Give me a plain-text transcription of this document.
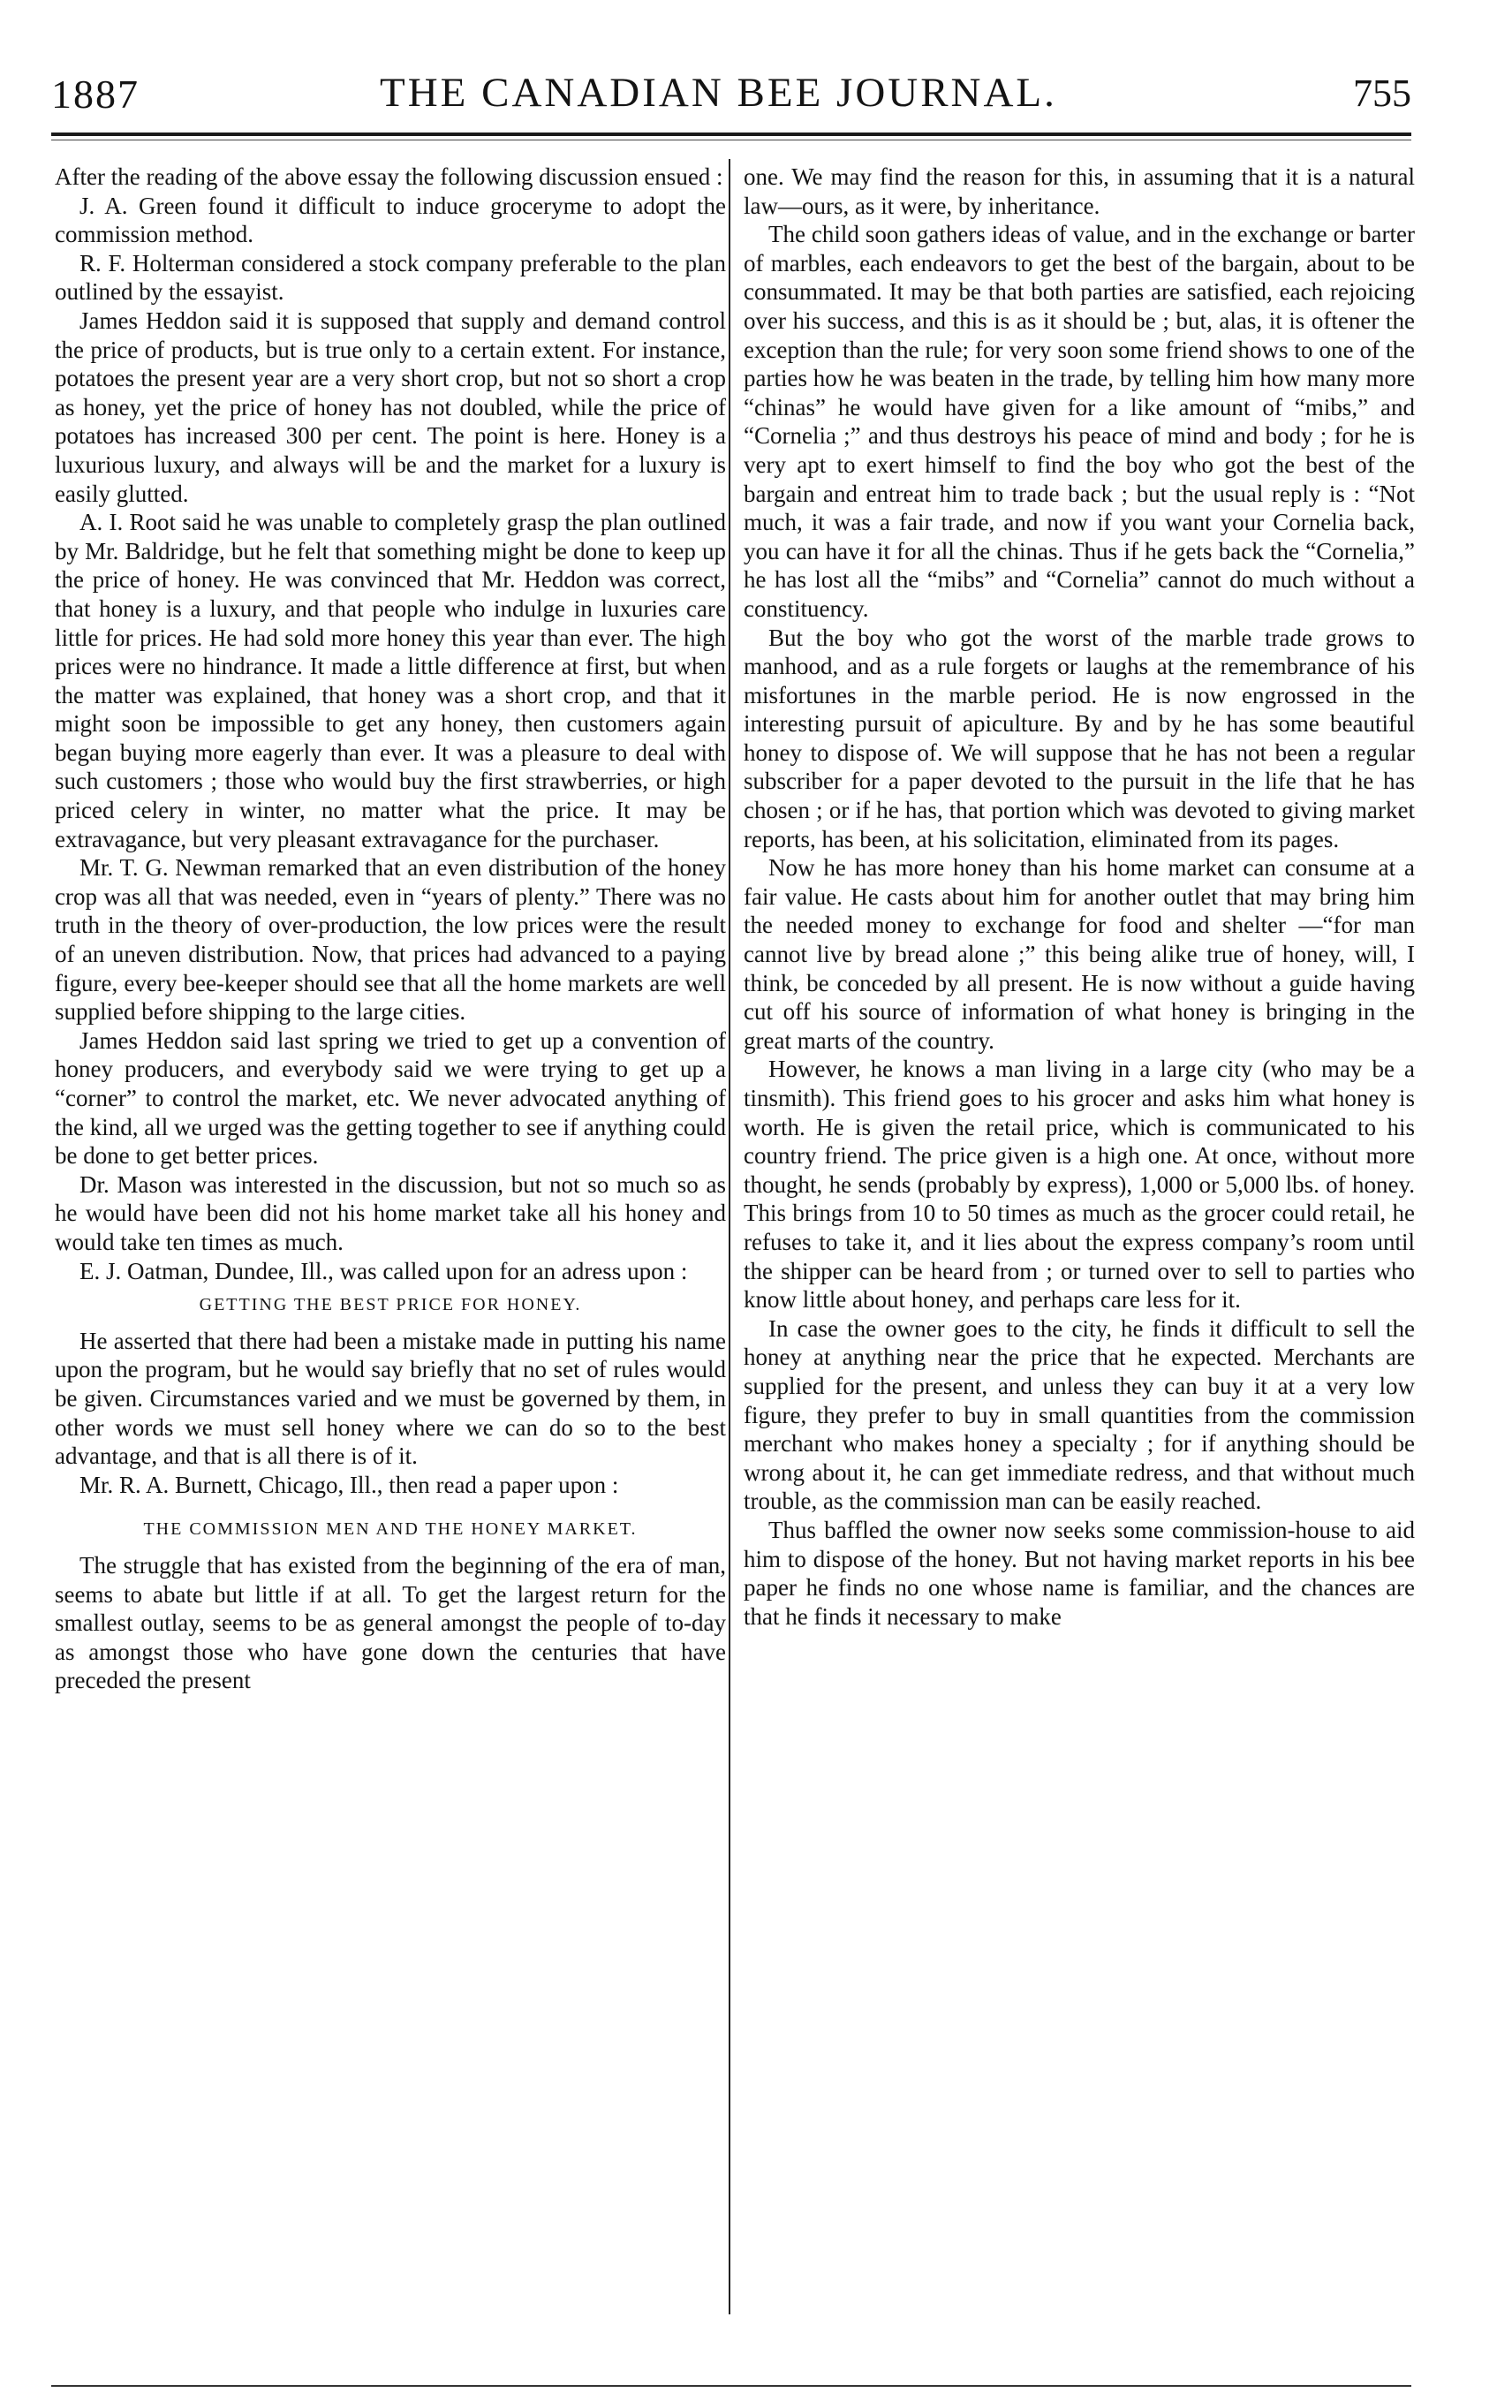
1887	THE CANADIAN BEE JOURNAL.	755

After the reading of the above essay the following discussion ensued :

J. A. Green found it difficult to induce groceryme to adopt the commission method.

R. F. Holterman considered a stock company preferable to the plan outlined by the essayist.

James Heddon said it is supposed that supply and demand control the price of products, but is true only to a certain extent. For instance, potatoes the present year are a very short crop, but not so short a crop as honey, yet the price of honey has not doubled, while the price of potatoes has increased 300 per cent. The point is here. Honey is a luxurious luxury, and always will be and the market for a luxury is easily glutted.

A. I. Root said he was unable to completely grasp the plan outlined by Mr. Baldridge, but he felt that something might be done to keep up the price of honey. He was convinced that Mr. Heddon was correct, that honey is a luxury, and that people who indulge in luxuries care little for prices. He had sold more honey this year than ever. The high prices were no hindrance. It made a little difference at first, but when the matter was explained, that honey was a short crop, and that it might soon be impossible to get any honey, then customers again began buying more eagerly than ever. It was a pleasure to deal with such customers ; those who would buy the first strawberries, or high priced celery in winter, no matter what the price. It may be extravagance, but very pleasant extravagance for the purchaser.

Mr. T. G. Newman remarked that an even distribution of the honey crop was all that was needed, even in “years of plenty.” There was no truth in the theory of over-production, the low prices were the result of an uneven distribution. Now, that prices had advanced to a paying figure, every bee-keeper should see that all the home markets are well supplied before shipping to the large cities.

James Heddon said last spring we tried to get up a convention of honey producers, and everybody said we were trying to get up a “corner” to control the market, etc. We never advocated anything of the kind, all we urged was the getting together to see if anything could be done to get better prices.

Dr. Mason was interested in the discussion, but not so much so as he would have been did not his home market take all his honey and would take ten times as much.

E. J. Oatman, Dundee, Ill., was called upon for an adress upon :

GETTING THE BEST PRICE FOR HONEY.

He asserted that there had been a mistake made in putting his name upon the program, but he would say briefly that no set of rules would be given. Circumstances varied and we must be governed by them, in other words we must sell honey where we can do so to the best advantage, and that is all there is of it.

Mr. R. A. Burnett, Chicago, Ill., then read a paper upon :

THE COMMISSION MEN AND THE HONEY MARKET.

The struggle that has existed from the beginning of the era of man, seems to abate but little if at all. To get the largest return for the smallest outlay, seems to be as general amongst the people of to-day as amongst those who have gone down the centuries that have preceded the present

one. We may find the reason for this, in assuming that it is a natural law—ours, as it were, by inheritance.

The child soon gathers ideas of value, and in the exchange or barter of marbles, each endeavors to get the best of the bargain, about to be consummated. It may be that both parties are satisfied, each rejoicing over his success, and this is as it should be ; but, alas, it is oftener the exception than the rule; for very soon some friend shows to one of the parties how he was beaten in the trade, by telling him how many more “chinas” he would have given for a like amount of “mibs,” and “Cornelia ;” and thus destroys his peace of mind and body ; for he is very apt to exert himself to find the boy who got the best of the bargain and entreat him to trade back ; but the usual reply is : “Not much, it was a fair trade, and now if you want your Cornelia back, you can have it for all the chinas. Thus if he gets back the “Cornelia,” he has lost all the “mibs” and “Cornelia” cannot do much without a constituency.

But the boy who got the worst of the marble trade grows to manhood, and as a rule forgets or laughs at the remembrance of his misfortunes in the marble period. He is now engrossed in the interesting pursuit of apiculture. By and by he has some beautiful honey to dispose of. We will suppose that he has not been a regular subscriber for a paper devoted to the pursuit in the life that he has chosen ; or if he has, that portion which was devoted to giving market reports, has been, at his solicitation, eliminated from its pages.

Now he has more honey than his home market can consume at a fair value. He casts about him for another outlet that may bring him the needed money to exchange for food and shelter —“for man cannot live by bread alone ;” this being alike true of honey, will, I think, be conceded by all present. He is now without a guide having cut off his source of information of what honey is bringing in the great marts of the country.

However, he knows a man living in a large city (who may be a tinsmith). This friend goes to his grocer and asks him what honey is worth. He is given the retail price, which is communicated to his country friend. The price given is a high one. At once, without more thought, he sends (probably by express), 1,000 or 5,000 lbs. of honey. This brings from 10 to 50 times as much as the grocer could retail, he refuses to take it, and it lies about the express company’s room until the shipper can be heard from ; or turned over to sell to parties who know little about honey, and perhaps care less for it.

In case the owner goes to the city, he finds it difficult to sell the honey at anything near the price that he expected. Merchants are supplied for the present, and unless they can buy it at a very low figure, they prefer to buy in small quantities from the commission merchant who makes honey a specialty ; for if anything should be wrong about it, he can get immediate redress, and that without much trouble, as the commission man can be easily reached.

Thus baffled the owner now seeks some commission-house to aid him to dispose of the honey. But not having market reports in his bee paper he finds no one whose name is familiar, and the chances are that he finds it necessary to make
